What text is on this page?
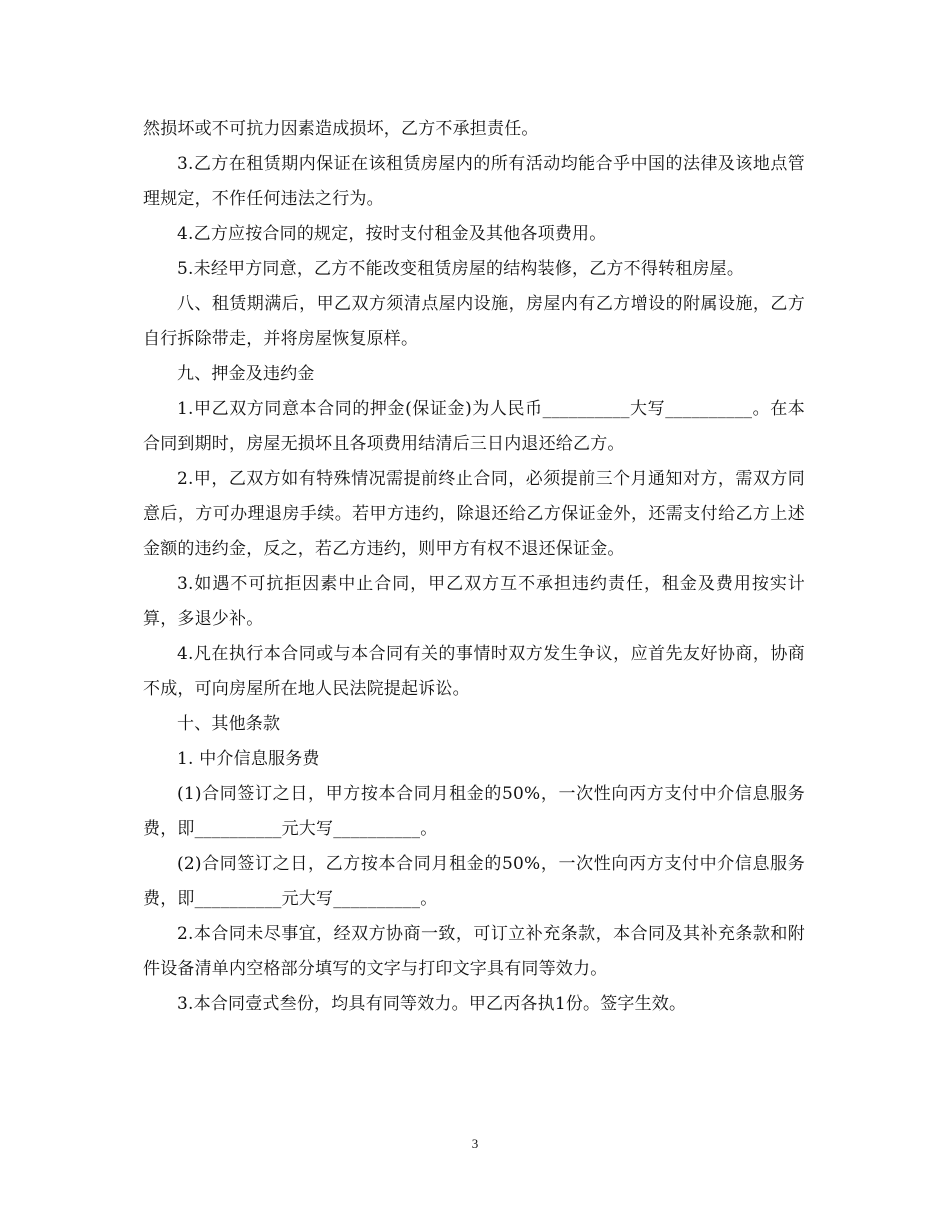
然损坏或不可抗力因素造成损坏，乙方不承担责任。

3.乙方在租赁期内保证在该租赁房屋内的所有活动均能合乎中国的法律及该地点管理规定，不作任何违法之行为。

4.乙方应按合同的规定，按时支付租金及其他各项费用。

5.未经甲方同意，乙方不能改变租赁房屋的结构装修，乙方不得转租房屋。

八、租赁期满后，甲乙双方须清点屋内设施，房屋内有乙方增设的附属设施，乙方自行拆除带走，并将房屋恢复原样。

九、押金及违约金

1.甲乙双方同意本合同的押金(保证金)为人民币__________大写__________。在本合同到期时，房屋无损坏且各项费用结清后三日内退还给乙方。

2.甲，乙双方如有特殊情况需提前终止合同，必须提前三个月通知对方，需双方同意后，方可办理退房手续。若甲方违约，除退还给乙方保证金外，还需支付给乙方上述金额的违约金，反之，若乙方违约，则甲方有权不退还保证金。

3.如遇不可抗拒因素中止合同，甲乙双方互不承担违约责任，租金及费用按实计算，多退少补。

4.凡在执行本合同或与本合同有关的事情时双方发生争议，应首先友好协商，协商不成，可向房屋所在地人民法院提起诉讼。

十、其他条款

1. 中介信息服务费

(1)合同签订之日，甲方按本合同月租金的50%，一次性向丙方支付中介信息服务费，即__________元大写__________。

(2)合同签订之日，乙方按本合同月租金的50%，一次性向丙方支付中介信息服务费，即__________元大写__________。

2.本合同未尽事宜，经双方协商一致，可订立补充条款，本合同及其补充条款和附件设备清单内空格部分填写的文字与打印文字具有同等效力。

3.本合同壹式叁份，均具有同等效力。甲乙丙各执1份。签字生效。

3
